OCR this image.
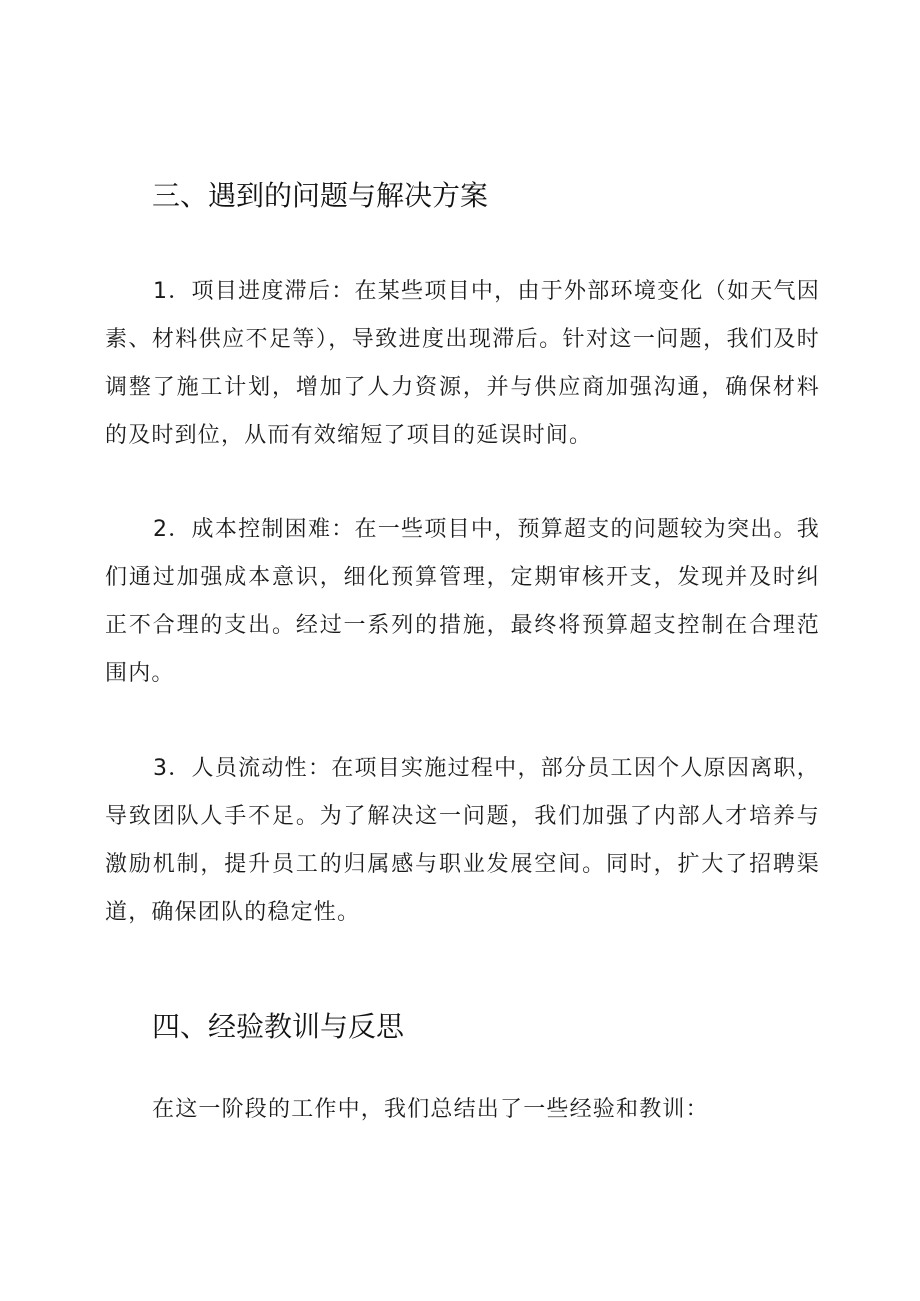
三、遇到的问题与解决方案
1．项目进度滞后：在某些项目中，由于外部环境变化（如天气因素、材料供应不足等），导致进度出现滞后。针对这一问题，我们及时调整了施工计划，增加了人力资源，并与供应商加强沟通，确保材料的及时到位，从而有效缩短了项目的延误时间。
2．成本控制困难：在一些项目中，预算超支的问题较为突出。我们通过加强成本意识，细化预算管理，定期审核开支，发现并及时纠正不合理的支出。经过一系列的措施，最终将预算超支控制在合理范围内。
3．人员流动性：在项目实施过程中，部分员工因个人原因离职，导致团队人手不足。为了解决这一问题，我们加强了内部人才培养与激励机制，提升员工的归属感与职业发展空间。同时，扩大了招聘渠道，确保团队的稳定性。
四、经验教训与反思
在这一阶段的工作中，我们总结出了一些经验和教训：
